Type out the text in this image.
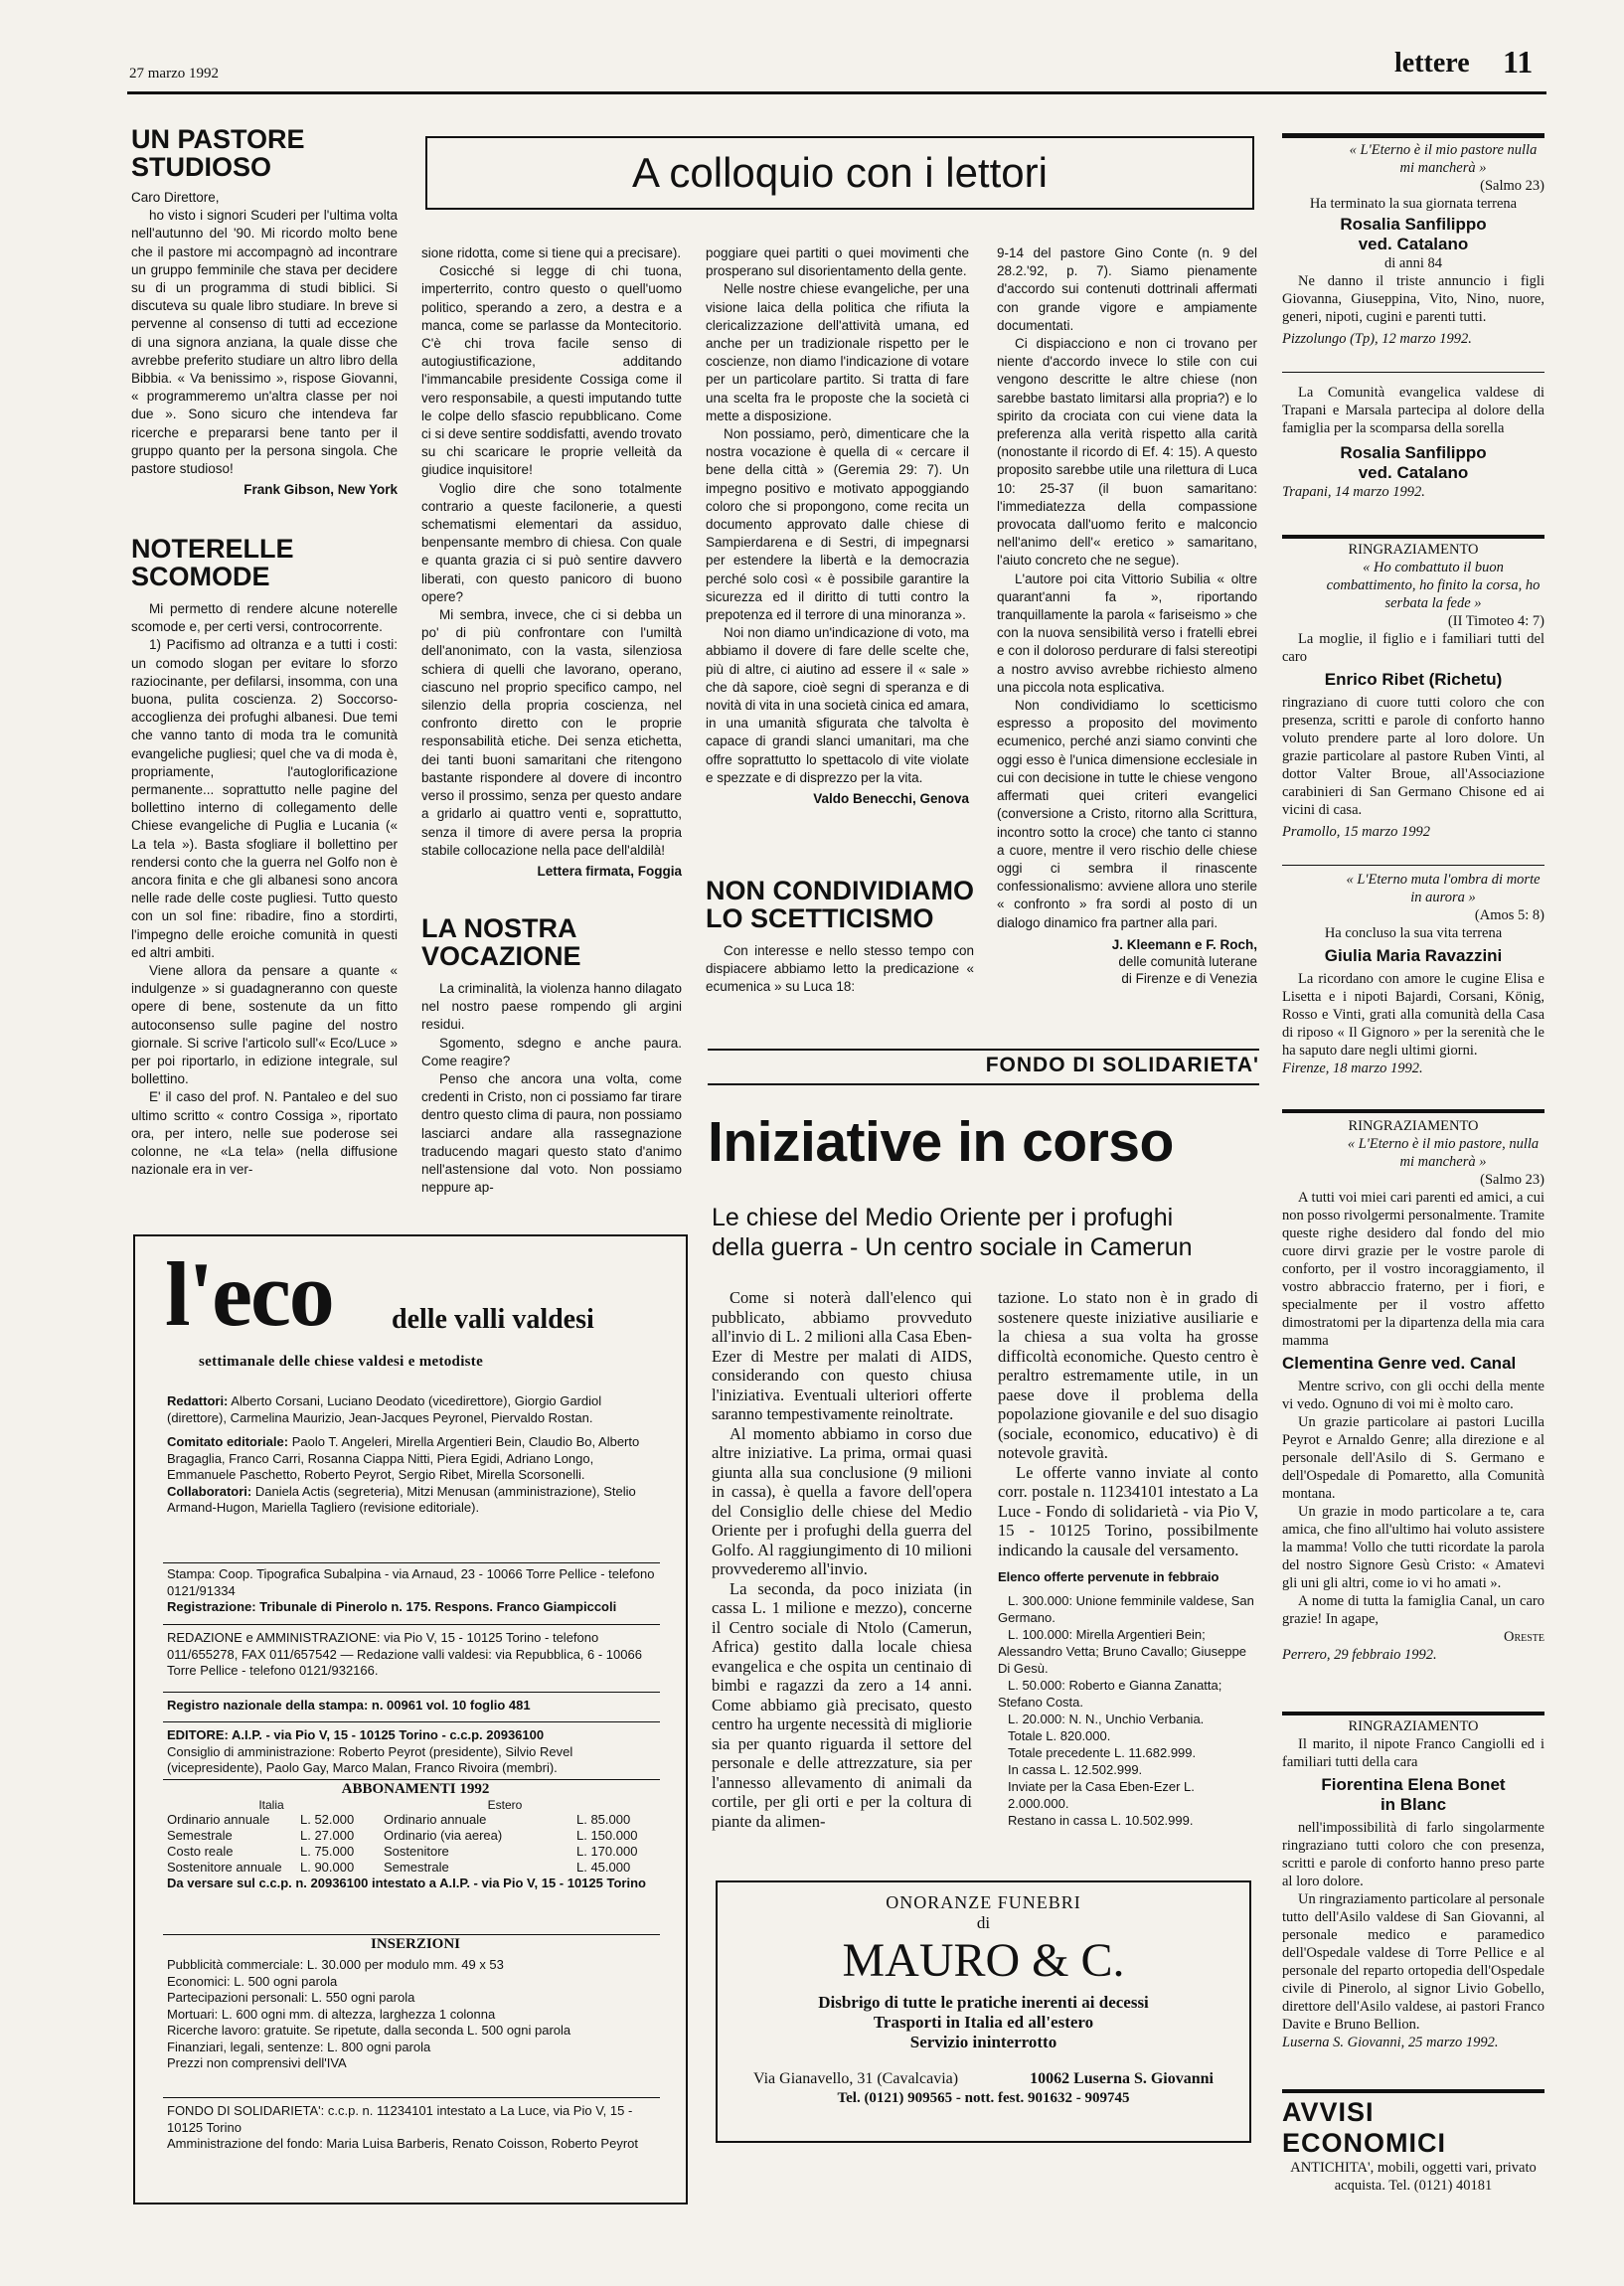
27 marzo 1992	lettere 11
UN PASTORE
STUDIOSO
Caro Direttore,

ho visto i signori Scuderi per l'ultima volta nell'autunno del '90. Mi ricordo molto bene che il pastore mi accompagnò ad incontrare un gruppo femminile che stava per decidere su di un programma di studi biblici. Si discuteva su quale libro studiare. In breve si pervenne al consenso di tutti ad eccezione di una signora anziana, la quale disse che avrebbe preferito studiare un altro libro della Bibbia. « Va benissimo », rispose Giovanni, « programmeremo un'altra classe per noi due ». Sono sicuro che intendeva far ricerche e prepararsi bene tanto per il gruppo quanto per la persona singola. Che pastore studioso!

Frank Gibson, New York
NOTERELLE
SCOMODE

Mi permetto di rendere alcune noterelle scomode e, per certi versi, controcorrente.

1) Pacifismo ad oltranza e a tutti i costi: un comodo slogan per evitare lo sforzo raziocinante, per defilarsi, insomma, con una buona, pulita coscienza. 2) Soccorso-accoglienza dei profughi albanesi. Due temi che vanno tanto di moda tra le comunità evangeliche pugliesi; quel che va di moda è, propriamente, l'autoglorificazione permanente... soprattutto nelle pagine del bollettino interno di collegamento delle Chiese evangeliche di Puglia e Lucania (« La tela »). Basta sfogliare il bollettino per rendersi conto che la guerra nel Golfo non è ancora finita e che gli albanesi sono ancora nelle rade delle coste pugliesi. Tutto questo con un sol fine: ribadire, fino a stordirti, l'impegno delle eroiche comunità in questi ed altri ambiti.

Viene allora da pensare a quante « indulgenze » si guadagneranno con queste opere di bene, sostenute da un fitto autoconsenso sulle pagine del nostro giornale. Si scrive l'articolo sull'« Eco/Luce » per poi riportarlo, in edizione integrale, sul bollettino.

E' il caso del prof. N. Pantaleo e del suo ultimo scritto « contro Cossiga », riportato ora, per intero, nelle sue poderose sei colonne, ne «La tela» (nella diffusione nazionale era in ver-

A colloquio con i lettori
sione ridotta, come si tiene qui a precisare).

Cosicché si legge di chi tuona, imperterrito, contro questo o quell'uomo politico, sperando a zero, a destra e a manca, come se parlasse da Montecitorio. C'è chi trova facile senso di autogiustificazione, additando l'immancabile presidente Cossiga come il vero responsabile, a questi imputando tutte le colpe dello sfascio repubblicano. Come ci si deve sentire soddisfatti, avendo trovato su chi scaricare le proprie velleità da giudice inquisitore!

Voglio dire che sono totalmente contrario a queste facilonerie, a questi schematismi elementari da assiduo, benpensante membro di chiesa. Con quale e quanta grazia ci si può sentire davvero liberati, con questo panicoro di buono opere?

Mi sembra, invece, che ci si debba un po' di più confrontare con l'umiltà dell'anonimato, con la vasta, silenziosa schiera di quelli che lavorano, operano, ciascuno nel proprio specifico campo, nel silenzio della propria coscienza, nel confronto diretto con le proprie responsabilità etiche. Dei senza etichetta, dei tanti buoni samaritani che ritengono bastante rispondere al dovere di incontro verso il prossimo, senza per questo andare a gridarlo ai quattro venti e, soprattutto, senza il timore di avere persa la propria stabile collocazione nella pace dell'aldilà!

Lettera firmata, Foggia
LA NOSTRA
VOCAZIONE

La criminalità, la violenza hanno dilagato nel nostro paese rompendo gli argini residui.

Sgomento, sdegno e anche paura. Come reagire?

Penso che ancora una volta, come credenti in Cristo, non ci possiamo far tirare dentro questo clima di paura, non possiamo lasciarci andare alla rassegnazione traducendo magari questo stato d'animo nell'astensione dal voto. Non possiamo neppure ap-

poggiare quei partiti o quei movimenti che prosperano sul disorientamento della gente.

Nelle nostre chiese evangeliche, per una visione laica della politica che rifiuta la clericalizzazione dell'attività umana, ed anche per un tradizionale rispetto per le coscienze, non diamo l'indicazione di votare per un particolare partito. Si tratta di fare una scelta fra le proposte che la società ci mette a disposizione.

Non possiamo, però, dimenticare che la nostra vocazione è quella di « cercare il bene della città » (Geremia 29: 7). Un impegno positivo e motivato appoggiando coloro che si propongono, come recita un documento approvato dalle chiese di Sampierdarena e di Sestri, di impegnarsi per estendere la libertà e la democrazia perché solo così « è possibile garantire la sicurezza ed il diritto di tutti contro la prepotenza ed il terrore di una minoranza ».

Noi non diamo un'indicazione di voto, ma abbiamo il dovere di fare delle scelte che, più di altre, ci aiutino ad essere il « sale » che dà sapore, cioè segni di speranza e di novità di vita in una società cinica ed amara, in una umanità sfigurata che talvolta è capace di grandi slanci umanitari, ma che offre soprattutto lo spettacolo di vite violate e spezzate e di disprezzo per la vita.

Valdo Benecchi, Genova
NON CONDIVIDIAMO
LO SCETTICISMO

Con interesse e nello stesso tempo con dispiacere abbiamo letto la predicazione « ecumenica » su Luca 18:

9-14 del pastore Gino Conte (n. 9 del 28.2.'92, p. 7). Siamo pienamente d'accordo sui contenuti dottrinali affermati con grande vigore e ampiamente documentati.

Ci dispiacciono e non ci trovano per niente d'accordo invece lo stile con cui vengono descritte le altre chiese (non sarebbe bastato limitarsi alla propria?) e lo spirito da crociata con cui viene data la preferenza alla verità rispetto alla carità (nonostante il ricordo di Ef. 4: 15). A questo proposito sarebbe utile una rilettura di Luca 10: 25-37 (il buon samaritano: l'immediatezza della compassione provocata dall'uomo ferito e malconcio nell'animo dell'« eretico » samaritano, l'aiuto concreto che ne segue).

L'autore poi cita Vittorio Subilia « oltre quarant'anni fa », riportando tranquillamente la parola « fariseismo » che con la nuova sensibilità verso i fratelli ebrei e con il doloroso perdurare di falsi stereotipi a nostro avviso avrebbe richiesto almeno una piccola nota esplicativa.

Non condividiamo lo scetticismo espresso a proposito del movimento ecumenico, perché anzi siamo convinti che oggi esso è l'unica dimensione ecclesiale in cui con decisione in tutte le chiese vengono affermati quei criteri evangelici (conversione a Cristo, ritorno alla Scrittura, incontro sotto la croce) che tanto ci stanno a cuore, mentre il vero rischio delle chiese oggi ci sembra il rinascente confessionalismo: avviene allora uno sterile « confronto » fra sordi al posto di un dialogo dinamico fra partner alla pari.

J. Kleemann e F. Roch,
delle comunità luterane
di Firenze e di Venezia
FONDO DI SOLIDARIETA'
Iniziative in corso
Le chiese del Medio Oriente per i profughi
della guerra - Un centro sociale in Camerun

Come si noterà dall'elenco qui pubblicato, abbiamo provveduto all'invio di L. 2 milioni alla Casa Eben-Ezer di Mestre per malati di AIDS, considerando con questo chiusa l'iniziativa. Eventuali ulteriori offerte saranno tempestivamente reinoltrate.

Al momento abbiamo in corso due altre iniziative. La prima, ormai quasi giunta alla sua conclusione (9 milioni in cassa), è quella a favore dell'opera del Consiglio delle chiese del Medio Oriente per i profughi della guerra del Golfo. Al raggiungimento di 10 milioni provvederemo all'invio.

La seconda, da poco iniziata (in cassa L. 1 milione e mezzo), concerne il Centro sociale di Ntolo (Camerun, Africa) gestito dalla locale chiesa evangelica e che ospita un centinaio di bimbi e ragazzi da zero a 14 anni. Come abbiamo già precisato, questo centro ha urgente necessità di migliorie sia per quanto riguarda il settore del personale e delle attrezzature, sia per l'annesso allevamento di animali da cortile, per gli orti e per la coltura di piante da alimen-

tazione. Lo stato non è in grado di sostenere queste iniziative ausiliarie e la chiesa a sua volta ha grosse difficoltà economiche. Questo centro è peraltro estremamente utile, in un paese dove il problema della popolazione giovanile e del suo disagio (sociale, economico, educativo) è di notevole gravità.

Le offerte vanno inviate al conto corr. postale n. 11234101 intestato a La Luce - Fondo di solidarietà - via Pio V, 15 - 10125 Torino, possibilmente indicando la causale del versamento.

Elenco offerte pervenute in febbraio
L. 300.000: Unione femminile valdese, San Germano.
L. 100.000: Mirella Argentieri Bein; Alessandro Vetta; Bruno Cavallo; Giuseppe Di Gesù.
L. 50.000: Roberto e Gianna Zanatta; Stefano Costa.
L. 20.000: N. N., Unchio Verbania.
Totale L. 820.000.
Totale precedente L. 11.682.999.
In cassa L. 12.502.999.
Inviate per la Casa Eben-Ezer L. 2.000.000.
Restano in cassa L. 10.502.999.
ONORANZE FUNEBRI
di
MAURO & C.
Disbrigo di tutte le pratiche inerenti ai decessi
Trasporti in Italia ed all'estero
Servizio ininterrotto
Via Gianavello, 31 (Cavalcavia)	10062 Luserna S. Giovanni
Tel. (0121) 909565 - nott. fest. 901632 - 909745
l'eco delle valli valdesi
settimanale delle chiese valdesi e metodiste
Redattori: Alberto Corsani, Luciano Deodato (vicedirettore), Giorgio Gardiol (direttore), Carmelina Maurizio, Jean-Jacques Peyronel, Piervaldo Rostan.
Comitato editoriale: Paolo T. Angeleri, Mirella Argentieri Bein, Claudio Bo, Alberto Bragaglia, Franco Carri, Rosanna Ciappa Nitti, Piera Egidi, Adriano Longo, Emmanuele Paschetto, Roberto Peyrot, Sergio Ribet, Mirella Scorsonelli.
Collaboratori: Daniela Actis (segreteria), Mitzi Menusan (amministrazione), Stelio Armand-Hugon, Mariella Tagliero (revisione editoriale).
Stampa: Coop. Tipografica Subalpina - via Arnaud, 23 - 10066 Torre Pellice - telefono 0121/91334
Registrazione: Tribunale di Pinerolo n. 175. Respons. Franco Giampiccoli
REDAZIONE e AMMINISTRAZIONE: via Pio V, 15 - 10125 Torino - telefono 011/655278, FAX 011/657542 — Redazione valli valdesi: via Repubblica, 6 - 10066 Torre Pellice - telefono 0121/932166.
Registro nazionale della stampa: n. 00961 vol. 10 foglio 481
EDITORE: A.I.P. - via Pio V, 15 - 10125 Torino - c.c.p. 20936100
Consiglio di amministrazione: Roberto Peyrot (presidente), Silvio Revel (vicepresidente), Paolo Gay, Marco Malan, Franco Rivoira (membri).
ABBONAMENTI 1992
Italia	Estero
Ordinario annuale	L. 52.000	Ordinario annuale	L. 85.000
Semestrale	L. 27.000	Ordinario (via aerea)	L. 150.000
Costo reale	L. 75.000	Sostenitore	L. 170.000
Sostenitore annuale	L. 90.000	Semestrale	L. 45.000
Da versare sul c.c.p. n. 20936100 intestato a A.I.P. - via Pio V, 15 - 10125 Torino
INSERZIONI
Pubblicità commerciale: L. 30.000 per modulo mm. 49 x 53
Economici: L. 500 ogni parola
Partecipazioni personali: L. 550 ogni parola
Mortuari: L. 600 ogni mm. di altezza, larghezza 1 colonna
Ricerche lavoro: gratuite. Se ripetute, dalla seconda L. 500 ogni parola
Finanziari, legali, sentenze: L. 800 ogni parola
Prezzi non comprensivi dell'IVA
FONDO DI SOLIDARIETA': c.c.p. n. 11234101 intestato a La Luce, via Pio V, 15 - 10125 Torino
Amministrazione del fondo: Maria Luisa Barberis, Renato Coisson, Roberto Peyrot
« L'Eterno è il mio pastore nulla mi mancherà »
(Salmo 23)
Ha terminato la sua giornata terrena
Rosalia Sanfilippo
ved. Catalano
di anni 84
Ne danno il triste annuncio i figli Giovanna, Giuseppina, Vito, Nino, nuore, generi, nipoti, cugini e parenti tutti.
Pizzolungo (Tp), 12 marzo 1992.
La Comunità evangelica valdese di Trapani e Marsala partecipa al dolore della famiglia per la scomparsa della sorella
Rosalia Sanfilippo
ved. Catalano
Trapani, 14 marzo 1992.
RINGRAZIAMENTO
« Ho combattuto il buon combattimento, ho finito la corsa, ho serbata la fede »
(II Timoteo 4: 7)
La moglie, il figlio e i familiari tutti del caro
Enrico Ribet (Richetu)
ringraziano di cuore tutti coloro che con presenza, scritti e parole di conforto hanno voluto prendere parte al loro dolore. Un grazie particolare al pastore Ruben Vinti, al dottor Valter Broue, all'Associazione carabinieri di San Germano Chisone ed ai vicini di casa.
Pramollo, 15 marzo 1992
« L'Eterno muta l'ombra di morte in aurora »
(Amos 5: 8)
Ha concluso la sua vita terrena
Giulia Maria Ravazzini
La ricordano con amore le cugine Elisa e Lisetta e i nipoti Bajardi, Corsani, König, Rosso e Vinti, grati alla comunità della Casa di riposo « Il Gignoro » per la serenità che le ha saputo dare negli ultimi giorni.
Firenze, 18 marzo 1992.
RINGRAZIAMENTO
« L'Eterno è il mio pastore, nulla mi mancherà »
(Salmo 23)
A tutti voi miei cari parenti ed amici, a cui non posso rivolgermi personalmente. Tramite queste righe desidero dal fondo del mio cuore dirvi grazie per le vostre parole di conforto, per il vostro incoraggiamento, il vostro abbraccio fraterno, per i fiori, e specialmente per il vostro affetto dimostratomi per la dipartenza della mia cara mamma
Clementina Genre ved. Canal
Mentre scrivo, con gli occhi della mente vi vedo. Ognuno di voi mi è molto caro.
Un grazie particolare ai pastori Lucilla Peyrot e Arnaldo Genre; alla direzione e al personale dell'Asilo di S. Germano e dell'Ospedale di Pomaretto, alla Comunità montana.
Un grazie in modo particolare a te, cara amica, che fino all'ultimo hai voluto assistere la mamma! Vollo che tutti ricordate la parola del nostro Signore Gesù Cristo: « Amatevi gli uni gli altri, come io vi ho amati ».
A nome di tutta la famiglia Canal, un caro grazie! In agape,
Oreste
Perrero, 29 febbraio 1992.
RINGRAZIAMENTO
Il marito, il nipote Franco Cangiolli ed i familiari tutti della cara
Fiorentina Elena Bonet
in Blanc
nell'impossibilità di farlo singolarmente ringraziano tutti coloro che con presenza, scritti e parole di conforto hanno preso parte al loro dolore.
Un ringraziamento particolare al personale tutto dell'Asilo valdese di San Giovanni, al personale medico e paramedico dell'Ospedale valdese di Torre Pellice e al personale del reparto ortopedia dell'Ospedale civile di Pinerolo, al signor Livio Gobello, direttore dell'Asilo valdese, ai pastori Franco Davite e Bruno Bellion.
Luserna S. Giovanni, 25 marzo 1992.
AVVISI ECONOMICI
ANTICHITA', mobili, oggetti vari, privato acquista. Tel. (0121) 40181
